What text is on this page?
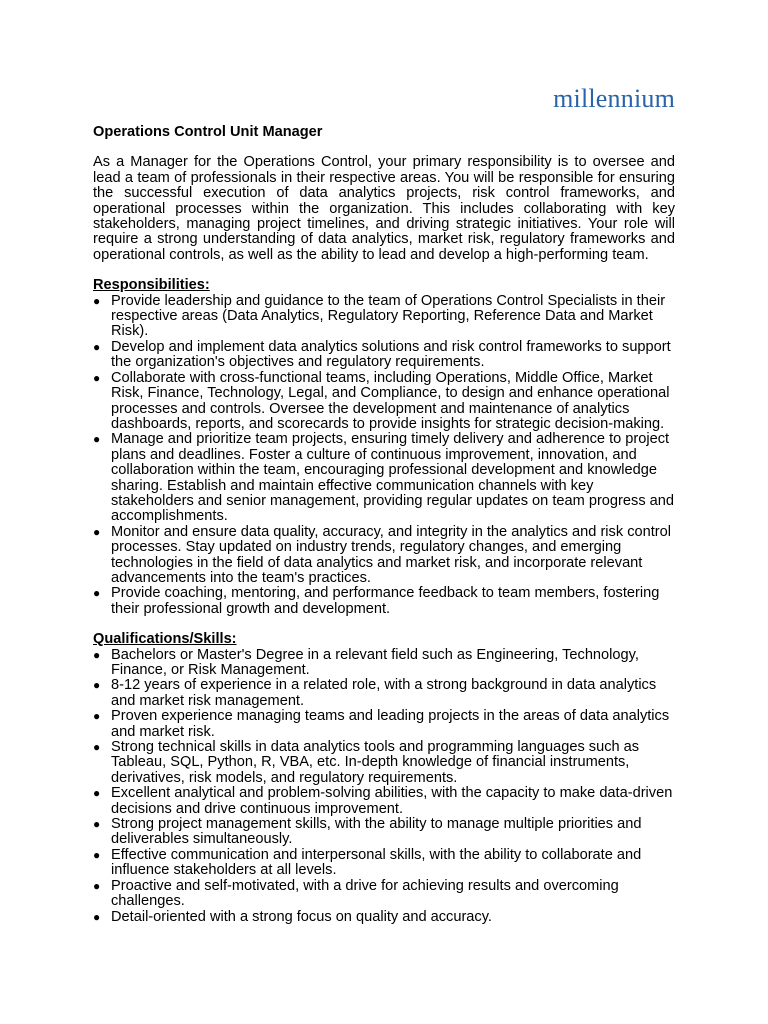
millennium

Operations Control Unit Manager

As a Manager for the Operations Control, your primary responsibility is to oversee and lead a team of professionals in their respective areas. You will be responsible for ensuring the successful execution of data analytics projects, risk control frameworks, and operational processes within the organization. This includes collaborating with key stakeholders, managing project timelines, and driving strategic initiatives. Your role will require a strong understanding of data analytics, market risk, regulatory frameworks and operational controls, as well as the ability to lead and develop a high-performing team.

Responsibilities:

● Provide leadership and guidance to the team of Operations Control Specialists in their respective areas (Data Analytics, Regulatory Reporting, Reference Data and Market Risk).
● Develop and implement data analytics solutions and risk control frameworks to support the organization's objectives and regulatory requirements.
● Collaborate with cross-functional teams, including Operations, Middle Office, Market Risk, Finance, Technology, Legal, and Compliance, to design and enhance operational processes and controls. Oversee the development and maintenance of analytics dashboards, reports, and scorecards to provide insights for strategic decision-making.
● Manage and prioritize team projects, ensuring timely delivery and adherence to project plans and deadlines. Foster a culture of continuous improvement, innovation, and collaboration within the team, encouraging professional development and knowledge sharing. Establish and maintain effective communication channels with key stakeholders and senior management, providing regular updates on team progress and accomplishments.
● Monitor and ensure data quality, accuracy, and integrity in the analytics and risk control processes. Stay updated on industry trends, regulatory changes, and emerging technologies in the field of data analytics and market risk, and incorporate relevant advancements into the team's practices.
● Provide coaching, mentoring, and performance feedback to team members, fostering their professional growth and development.

Qualifications/Skills:

● Bachelors or Master's Degree in a relevant field such as Engineering, Technology, Finance, or Risk Management.
● 8-12 years of experience in a related role, with a strong background in data analytics and market risk management.
● Proven experience managing teams and leading projects in the areas of data analytics and market risk.
● Strong technical skills in data analytics tools and programming languages such as Tableau, SQL, Python, R, VBA, etc. In-depth knowledge of financial instruments, derivatives, risk models, and regulatory requirements.
● Excellent analytical and problem-solving abilities, with the capacity to make data-driven decisions and drive continuous improvement.
● Strong project management skills, with the ability to manage multiple priorities and deliverables simultaneously.
● Effective communication and interpersonal skills, with the ability to collaborate and influence stakeholders at all levels.
● Proactive and self-motivated, with a drive for achieving results and overcoming challenges.
● Detail-oriented with a strong focus on quality and accuracy.
